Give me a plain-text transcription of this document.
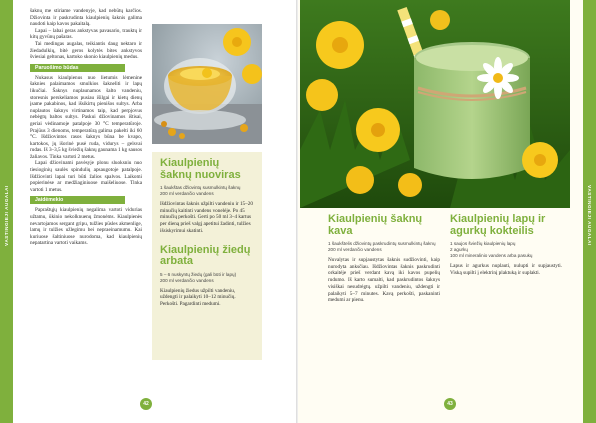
VASTINGIEJI AUGALAI

šaknu̧ me stiriame vandenyje, kad nebūtų karčios. Džiovinta ir paskrudinta kiaulpienių šaknis galima naudoti kaip kavos pakaitalą.

Lapai – labai geras ankstyvas pavasario, trauktų ir kitų gyvūnų pašaras.

Tai medingas augalas, teikiantis daug nektaro ir žiedadulkių, bitė geros kolytės bites ankstyvos šviesiai geltonas, kartoko skonio kiaulpienių medus.

Paruošimo būdas

Nukasus kiaulpienus nuo lietumis lėmenine šaknies palaimamos smulkios šakneliti ir lapų likučiai. Šaknys nuplaunamos šalto vandeniu, storesnis perskeliamos pusiau išilgai ir kietų dienų įsame pakabinos, kad išsikirtų pienišos sultys. Arba nuplautos šaknys virtinamos taip, kad perpjovus nebėgtų baltos sultys. Paskui džiovinamos ištisai, geriai vėdinamoje patalpoje 30 °C temperatūroje. Prajūus 3 dienoms, temperatūrą galima pakelti iki 60 °C. Išdžiovintos rasos šaknys būna be kvapo, kartokos, jų išorinė pusė ruda, vidurys – gelsvai rudas. Iš 3–3,5 kg šviežių šaknų gaunama 1 kg sausos žaliavos. Tinka vartoti 2 metus.

Lapai džiovinami pavėsyje plonu sluoksniu nuo tiesioginių saulės spindulių apsaugotoje patalpoje. Išdžiovinti lapai turi būti žalios spalvos. Laikomi popierinėse ar medžiaginiuose maišeliuose. Tinka vartoti 1 metus.

Jaidėmekio

Papraštųjų kiaulpienių negalima vartoti vidurias užtamu, ūkinio nekolknuenų žmonėms. Kiaulpienės nevartojamos sergant gripu, tulžies pūsles akmenlige, lamų ir tulžies užlegimu bei nepraeinamumu. Kai kuriuose šaltiniuose nurodoma, kad kiaulpienių nepatartina vartoti vaikams.

Kiaulpienių šaknų nuoviras
1 šaukštas džiovintų susmulkintų šaknų
200 ml verdančio vandens
Išdžiovintas šaknis užpilti vandeniu ir 15–20 minučių kaitinti vandens vonelėje. Po 45 minučių perkošti. Gerti po 50 ml 3–4 kartus per dieną prieš valgį apetitui žadinti, tulžies išsiskyrimui skatinti.
Kiaulpienių žiedų arbata
5 – 6 nuskyntų žiedų (gali būti ir lapų)
200 ml verdančio vandens
Kiaulpienių žiedus užpilti vandeniu, uždengti ir palaikyti 10–12 minučių. Perkošti. Pagardinti medumi.
42
VASTINGIEJI AUGALAI
Kiaulpienių šaknų kava
1 šaukštelis džiovintų paskrudintų susmulkintų šaknų
200 ml verdančio vandens
Nuvalytas ir supjaustytas šaknis sudžiovinti, kaip nurodyta anksčiau. Išdžiovintas šaknis paskrudinti orkaitėje prieš verdant kavą iki kavos pupelių rudumo. Iš karto sumalti, kad paskrudintos šaknys visiškai nesudrėgtų. užpilti vandeniu, uždengti ir palaikyti 5–7 minutes. Kavą perkošti, paskaninti medumi ar pienu.
Kiaulpienių lapų ir agurkų kokteilis
1 saujos šviežių kiaulpienių lapų
2 agurkų
100 ml mineralinio vandens arba pasukų
Lapus ir agurkus nuplauti, nulupti ir supjaustyti. Viską supilti į elektrinį plaktuką ir suplakti.
43
